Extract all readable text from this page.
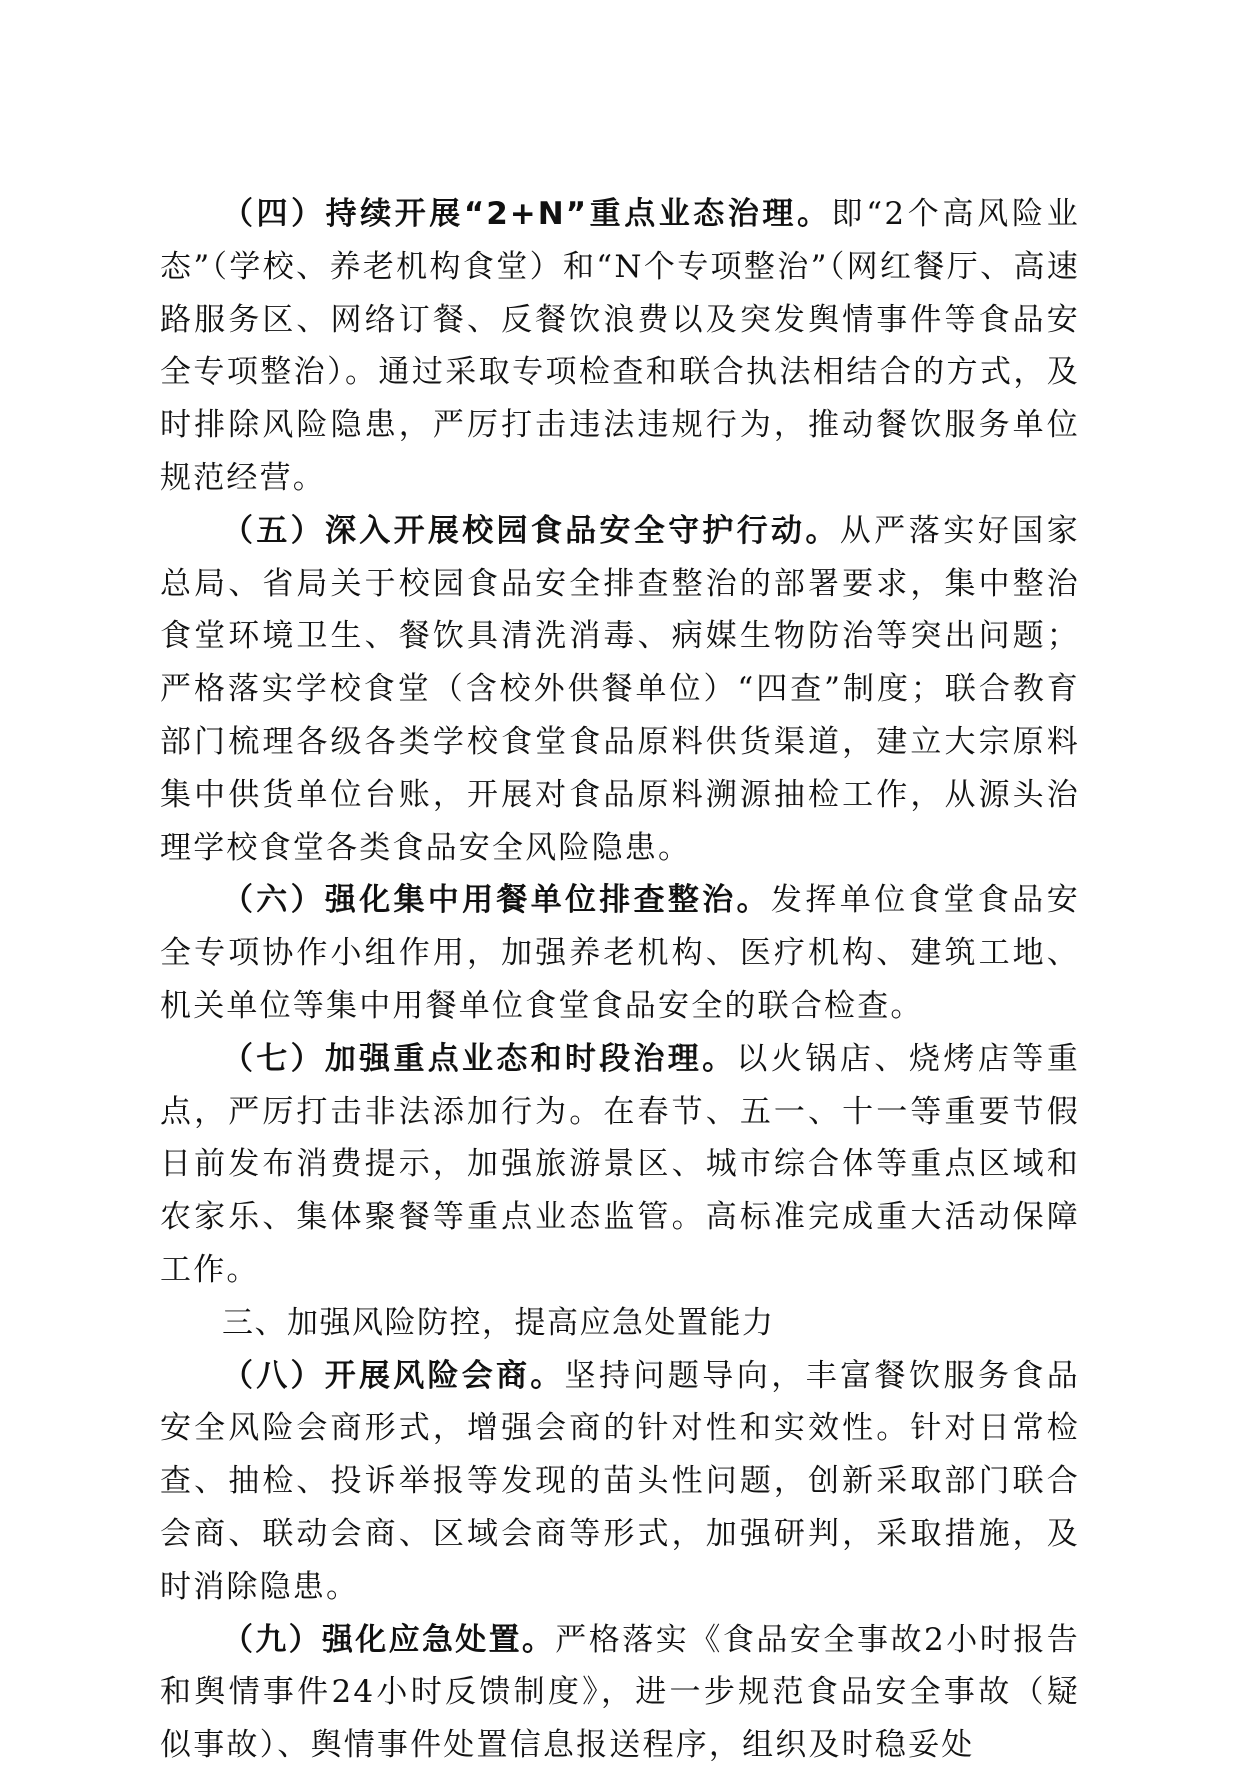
（四）持续开展“2+N”重点业态治理。即“2个高风险业态”（学校、养老机构食堂）和“N个专项整治”（网红餐厅、高速路服务区、网络订餐、反餐饮浪费以及突发舆情事件等食品安全专项整治）。通过采取专项检查和联合执法相结合的方式，及时排除风险隐患，严厉打击违法违规行为，推动餐饮服务单位规范经营。

（五）深入开展校园食品安全守护行动。从严落实好国家总局、省局关于校园食品安全排查整治的部署要求，集中整治食堂环境卫生、餐饮具清洗消毒、病媒生物防治等突出问题；严格落实学校食堂（含校外供餐单位）“四查”制度；联合教育部门梳理各级各类学校食堂食品原料供货渠道，建立大宗原料集中供货单位台账，开展对食品原料溯源抽检工作，从源头治理学校食堂各类食品安全风险隐患。

（六）强化集中用餐单位排查整治。发挥单位食堂食品安全专项协作小组作用，加强养老机构、医疗机构、建筑工地、机关单位等集中用餐单位食堂食品安全的联合检查。

（七）加强重点业态和时段治理。以火锅店、烧烤店等重点，严厉打击非法添加行为。在春节、五一、十一等重要节假日前发布消费提示，加强旅游景区、城市综合体等重点区域和农家乐、集体聚餐等重点业态监管。高标准完成重大活动保障工作。

三、加强风险防控，提高应急处置能力

（八）开展风险会商。坚持问题导向，丰富餐饮服务食品安全风险会商形式，增强会商的针对性和实效性。针对日常检查、抽检、投诉举报等发现的苗头性问题，创新采取部门联合会商、联动会商、区域会商等形式，加强研判，采取措施，及时消除隐患。

（九）强化应急处置。严格落实《食品安全事故2小时报告和舆情事件24小时反馈制度》，进一步规范食品安全事故（疑似事故）、舆情事件处置信息报送程序，组织及时稳妥处
